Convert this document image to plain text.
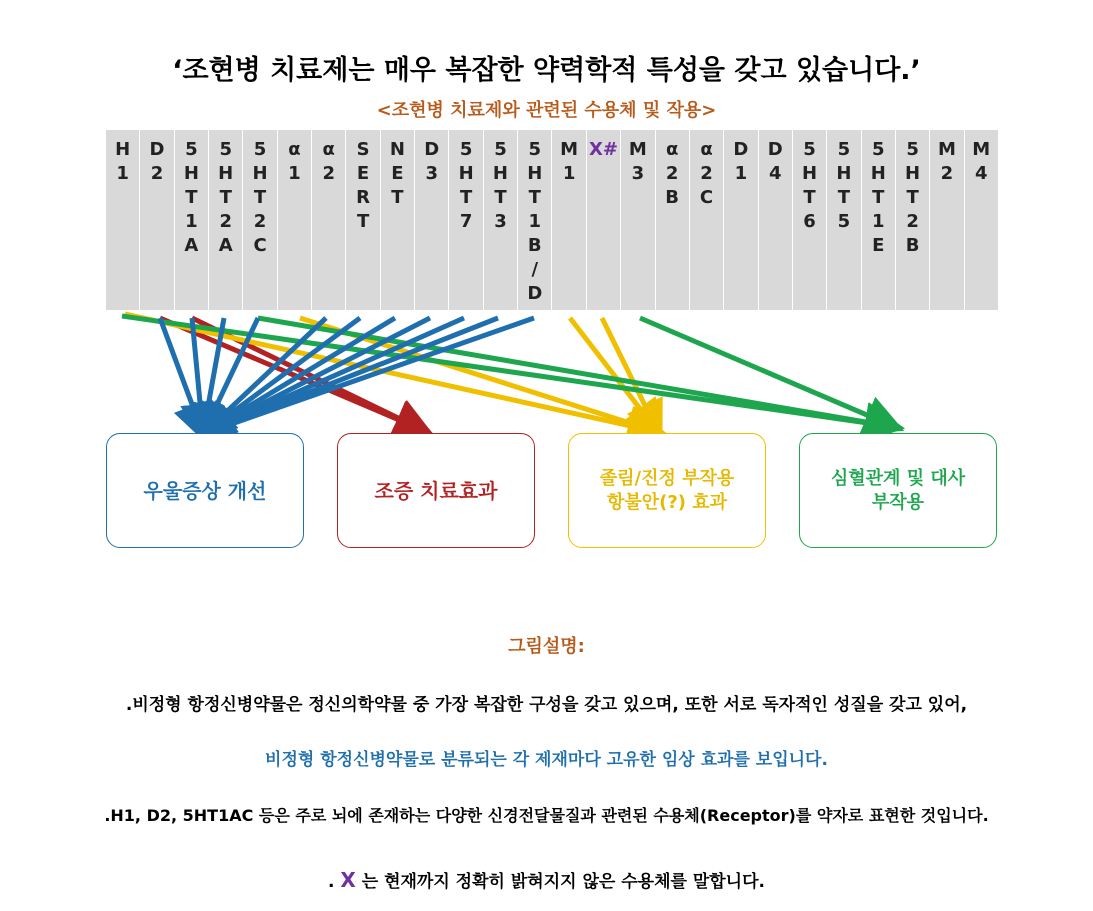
‘조현병 치료제는 매우 복잡한 약력학적 특성을 갖고 있습니다.’
<조현병 치료제와 관련된 수용체 및 작용>
H
1
D
2
5
H
T
1
A
5
H
T
2
A
5
H
T
2
C
α
1
α
2
S
E
R
T
N
E
T
D
3
5
H
T
7
5
H
T
3
5
H
T
1
B
/
D
M
1
X# M
3
α
2
B
α
2
C
D
1
D
4
5
H
T
6
5
H
T
5
5
H
T
1
E
5
H
T
2
B
M
2
M
4
우울증상 개선	조증 치료효과
졸림/진정 부작용
항불안(?) 효과
심혈관계 및 대사
부작용
그림설명:
.비정형 항정신병약물은 정신의학약물 중 가장 복잡한 구성을 갖고 있으며, 또한 서로 독자적인 성질을 갖고 있어,
비정형 항정신병약물로 분류되는 각 제재마다 고유한 임상 효과를 보입니다.
.H1, D2, 5HT1AC 등은 주로 뇌에 존재하는 다양한 신경전달물질과 관련된 수용체(Receptor)를 약자로 표현한 것입니다.
. X 는 현재까지 정확히 밝혀지지 않은 수용체를 말합니다.
